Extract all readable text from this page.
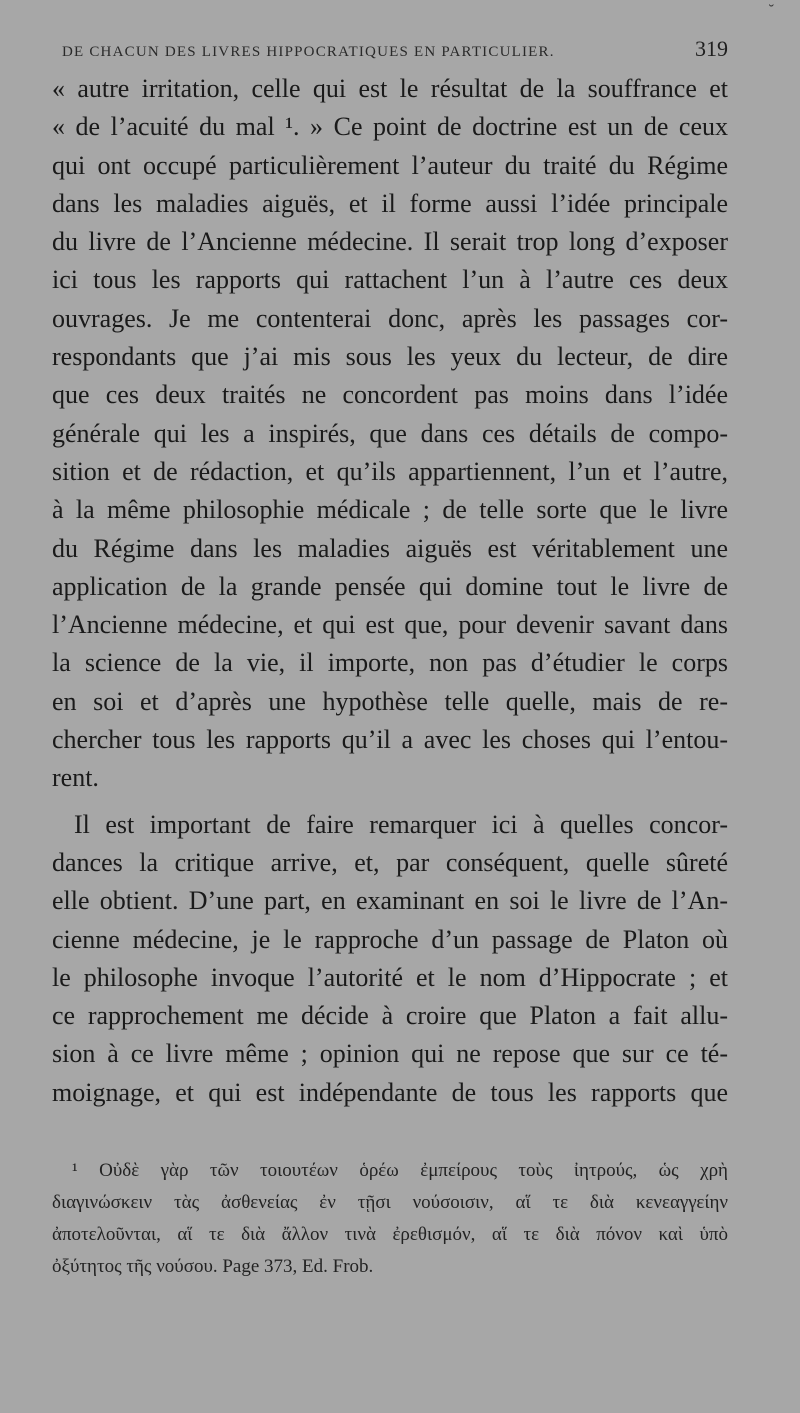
˘
DE CHACUN DES LIVRES HIPPOCRATIQUES EN PARTICULIER.	319
« autre irritation, celle qui est le résultat de la souffrance et
« de l’acuité du mal ¹. » Ce point de doctrine est un de ceux
qui ont occupé particulièrement l’auteur du traité du Régime
dans les maladies aiguës, et il forme aussi l’idée principale
du livre de l’Ancienne médecine. Il serait trop long d’exposer
ici tous les rapports qui rattachent l’un à l’autre ces deux
ouvrages. Je me contenterai donc, après les passages cor-
respondants que j’ai mis sous les yeux du lecteur, de dire
que ces deux traités ne concordent pas moins dans l’idée
générale qui les a inspirés, que dans ces détails de compo-
sition et de rédaction, et qu’ils appartiennent, l’un et l’autre,
à la même philosophie médicale ; de telle sorte que le livre
du Régime dans les maladies aiguës est véritablement une
application de la grande pensée qui domine tout le livre de
l’Ancienne médecine, et qui est que, pour devenir savant dans
la science de la vie, il importe, non pas d’étudier le corps
en soi et d’après une hypothèse telle quelle, mais de re-
chercher tous les rapports qu’il a avec les choses qui l’entou-
rent.
Il est important de faire remarquer ici à quelles concor-
dances la critique arrive, et, par conséquent, quelle sûreté
elle obtient. D’une part, en examinant en soi le livre de l’An-
cienne médecine, je le rapproche d’un passage de Platon où
le philosophe invoque l’autorité et le nom d’Hippocrate ; et
ce rapprochement me décide à croire que Platon a fait allu-
sion à ce livre même ; opinion qui ne repose que sur ce té-
moignage, et qui est indépendante de tous les rapports que
¹ Οὐδὲ γὰρ τῶν τοιουτέων ὁρέω ἐμπείρους τοὺς ἰητρούς, ὡς χρὴ
διαγινώσκειν τὰς ἀσθενείας ἐν τῇσι νούσοισιν, αἵ τε διὰ κενεαγγείην
ἀποτελοῦνται, αἵ τε διὰ ἄλλον τινὰ ἐρεθισμόν, αἵ τε διὰ πόνον καὶ ὑπὸ
ὀξύτητος τῆς νούσου. Page 373, Ed. Frob.
